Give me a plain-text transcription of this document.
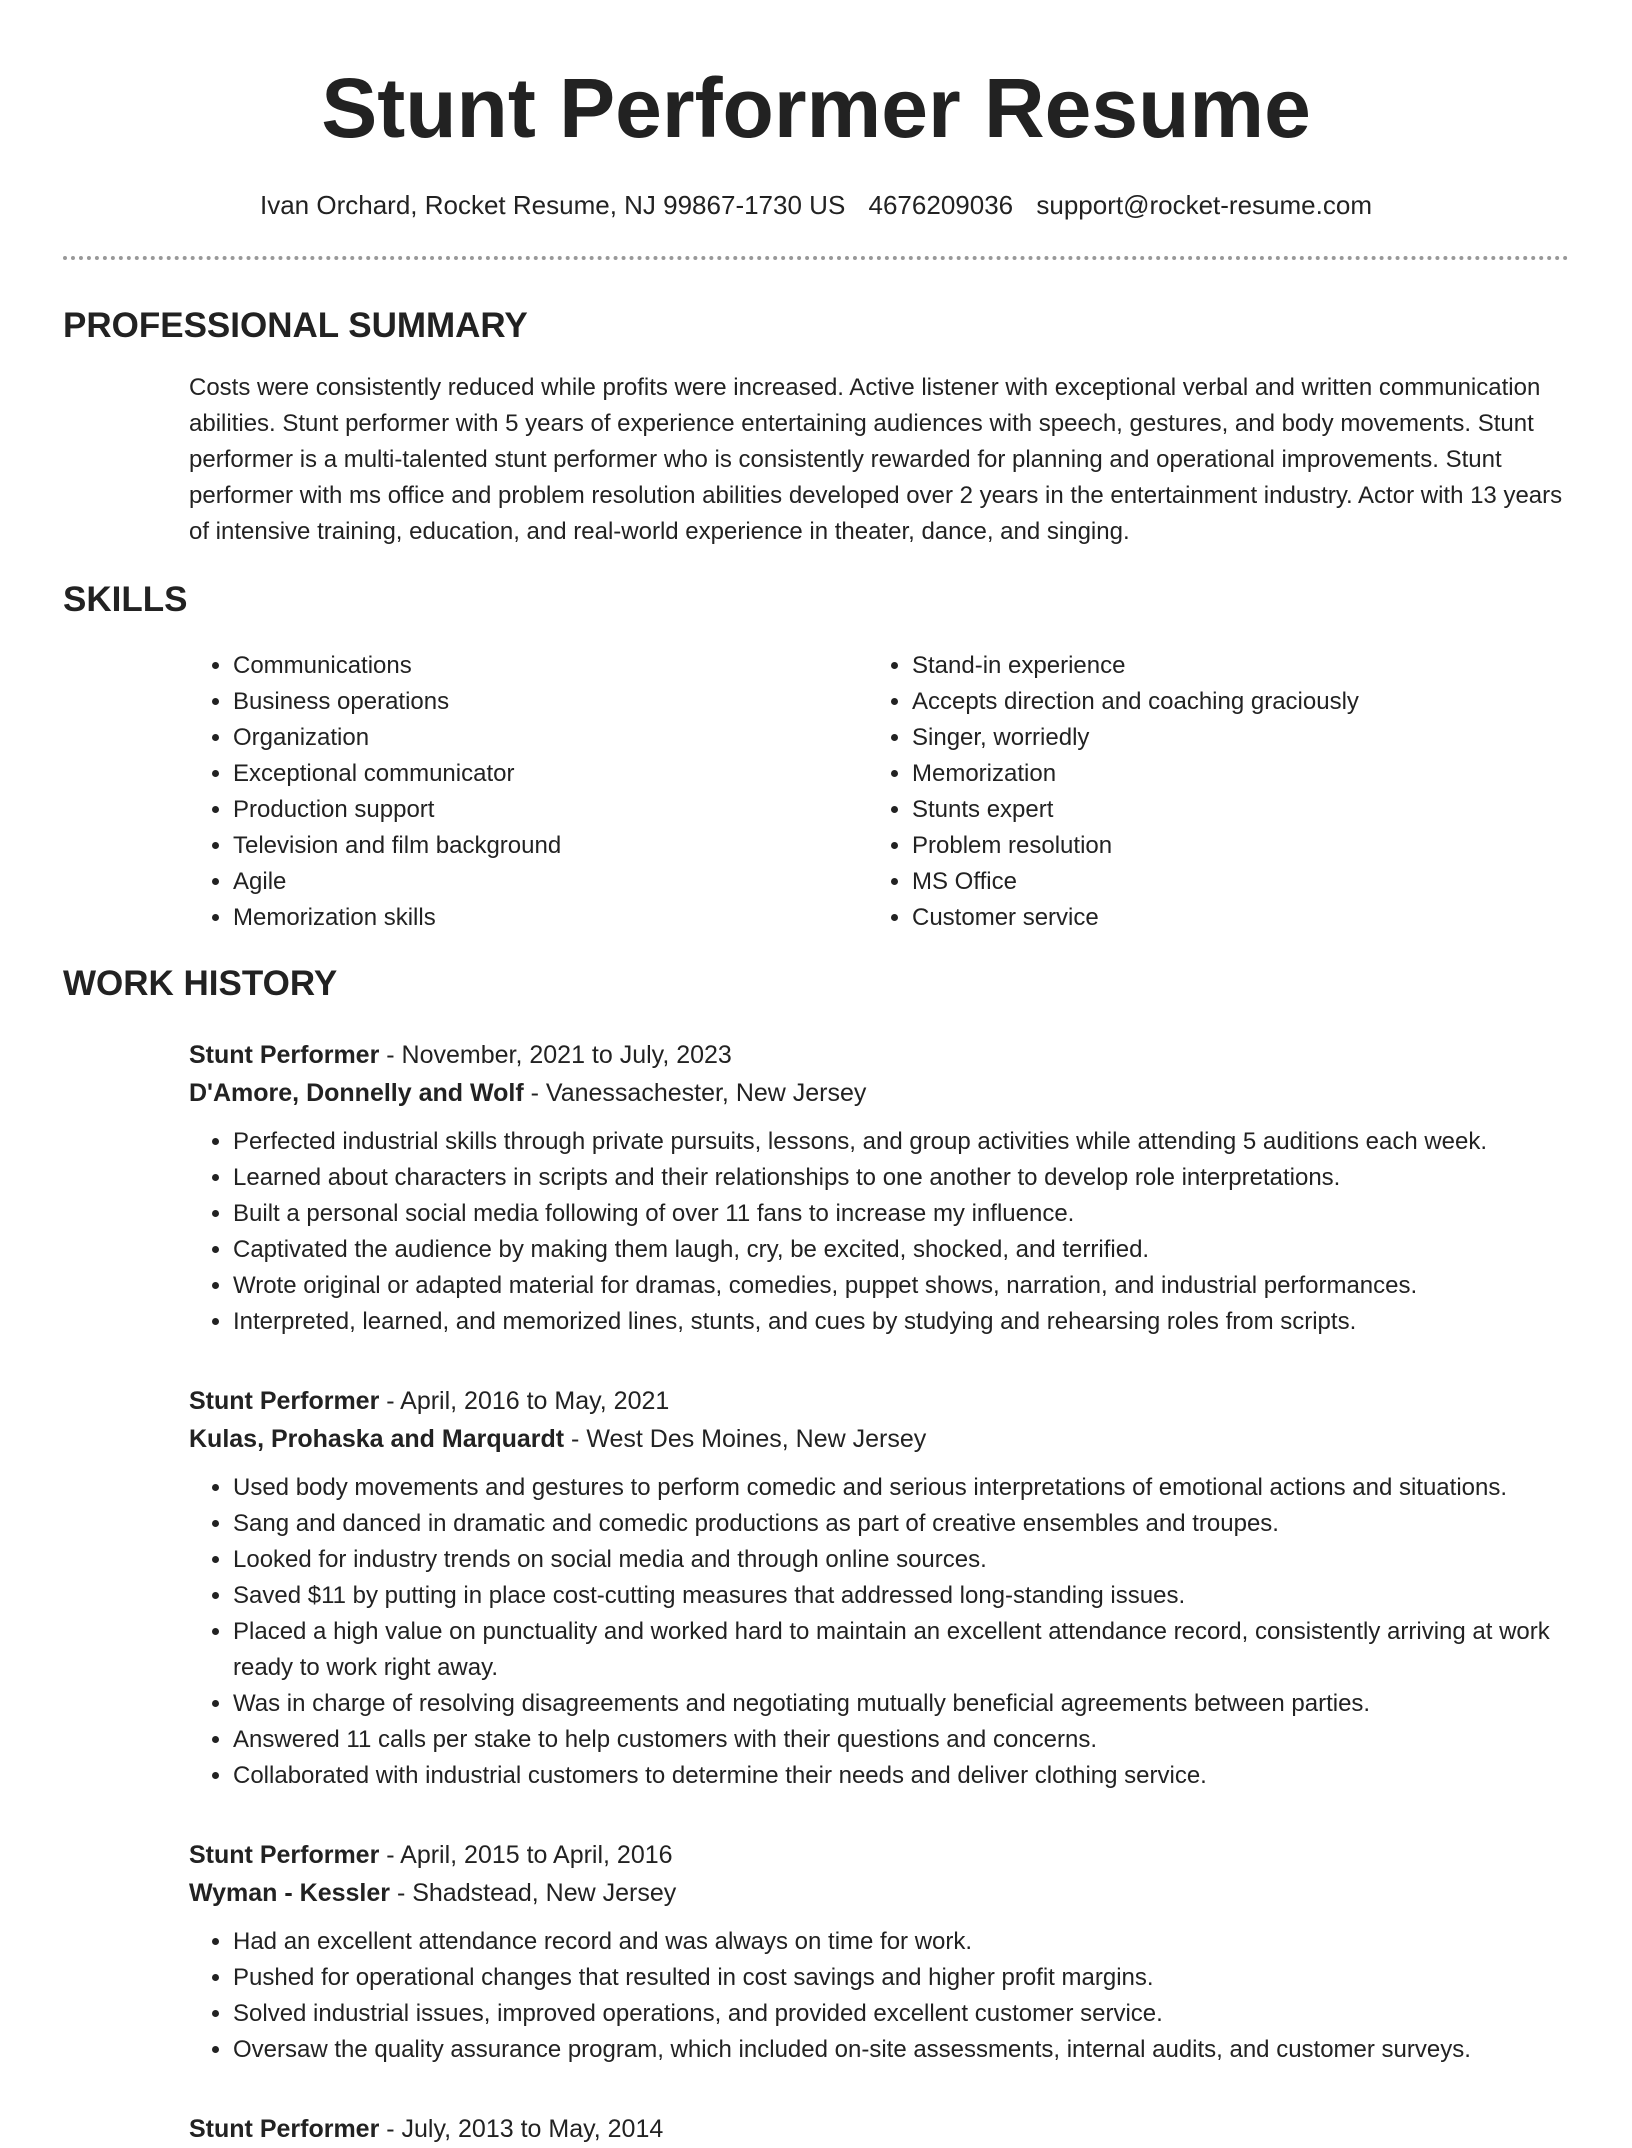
Stunt Performer Resume
Ivan Orchard, Rocket Resume, NJ 99867-1730 US 4676209036 support@rocket-resume.com
PROFESSIONAL SUMMARY

Costs were consistently reduced while profits were increased. Active listener with exceptional verbal and written communication abilities. Stunt performer with 5 years of experience entertaining audiences with speech, gestures, and body movements. Stunt performer is a multi-talented stunt performer who is consistently rewarded for planning and operational improvements. Stunt performer with ms office and problem resolution abilities developed over 2 years in the entertainment industry. Actor with 13 years of intensive training, education, and real-world experience in theater, dance, and singing.

SKILLS
• Communications
• Business operations
• Organization
• Exceptional communicator
• Production support
• Television and film background
• Agile
• Memorization skills
• Stand-in experience
• Accepts direction and coaching graciously
• Singer, worriedly
• Memorization
• Stunts expert
• Problem resolution
• MS Office
• Customer service
WORK HISTORY
Stunt Performer - November, 2021 to July, 2023
D'Amore, Donnelly and Wolf - Vanessachester, New Jersey
• Perfected industrial skills through private pursuits, lessons, and group activities while attending 5 auditions each week.
• Learned about characters in scripts and their relationships to one another to develop role interpretations.
• Built a personal social media following of over 11 fans to increase my influence.
• Captivated the audience by making them laugh, cry, be excited, shocked, and terrified.
• Wrote original or adapted material for dramas, comedies, puppet shows, narration, and industrial performances.
• Interpreted, learned, and memorized lines, stunts, and cues by studying and rehearsing roles from scripts.
Stunt Performer - April, 2016 to May, 2021
Kulas, Prohaska and Marquardt - West Des Moines, New Jersey
• Used body movements and gestures to perform comedic and serious interpretations of emotional actions and situations.
• Sang and danced in dramatic and comedic productions as part of creative ensembles and troupes.
• Looked for industry trends on social media and through online sources.
• Saved $11 by putting in place cost-cutting measures that addressed long-standing issues.
• Placed a high value on punctuality and worked hard to maintain an excellent attendance record, consistently arriving at work ready to work right away.
• Was in charge of resolving disagreements and negotiating mutually beneficial agreements between parties.
• Answered 11 calls per stake to help customers with their questions and concerns.
• Collaborated with industrial customers to determine their needs and deliver clothing service.
Stunt Performer - April, 2015 to April, 2016
Wyman - Kessler - Shadstead, New Jersey
• Had an excellent attendance record and was always on time for work.
• Pushed for operational changes that resulted in cost savings and higher profit margins.
• Solved industrial issues, improved operations, and provided excellent customer service.
• Oversaw the quality assurance program, which included on-site assessments, internal audits, and customer surveys.
Stunt Performer - July, 2013 to May, 2014
